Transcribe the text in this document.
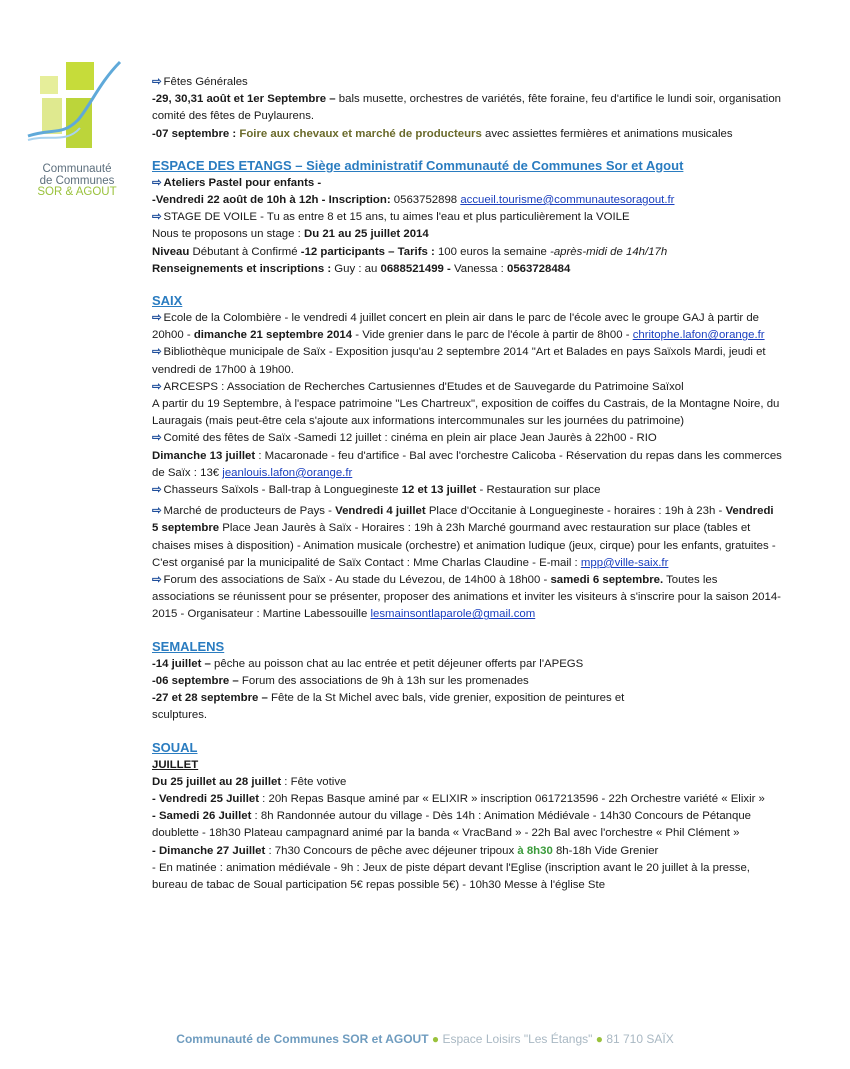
Communauté
de Communes
SOR & AGOUT

⇨ Fêtes Générales

-29, 30,31 août et 1er Septembre – bals musette, orchestres de variétés, fête foraine, feu d'artifice le lundi soir, organisation comité des fêtes de Puylaurens.

-07 septembre : Foire aux chevaux et marché de producteurs avec assiettes fermières et animations musicales

ESPACE DES ETANGS – Siège administratif Communauté de Communes Sor et Agout

⇨ Ateliers Pastel pour enfants -

-Vendredi 22 août de 10h à 12h - Inscription: 0563752898 accueil.tourisme@communautesoragout.fr

⇨ STAGE DE VOILE - Tu as entre 8 et 15 ans, tu aimes l'eau et plus particulièrement la VOILE

Nous te proposons un stage : Du 21 au 25 juillet 2014

Niveau Débutant à Confirmé -12 participants – Tarifs : 100 euros la semaine -après-midi de 14h/17h

Renseignements et inscriptions : Guy : au 0688521499 - Vanessa : 0563728484

SAIX

⇨ Ecole de la Colombière - le vendredi 4 juillet concert en plein air dans le parc de l'école avec le groupe GAJ à partir de 20h00 - dimanche 21 septembre 2014 - Vide grenier dans le parc de l'école à partir de 8h00 - chritophe.lafon@orange.fr

⇨ Bibliothèque municipale de Saïx - Exposition jusqu'au 2 septembre 2014 "Art et Balades en pays Saïxols Mardi, jeudi et vendredi de 17h00 à 19h00.

⇨ ARCESPS : Association de Recherches Cartusiennes d'Etudes et de Sauvegarde du Patrimoine Saïxol

A partir du 19 Septembre, à l'espace patrimoine "Les Chartreux", exposition de coiffes du Castrais, de la Montagne Noire, du Lauragais (mais peut-être cela s'ajoute aux informations intercommunales sur les journées du patrimoine)

⇨ Comité des fêtes de Saïx -Samedi 12 juillet : cinéma en plein air place Jean Jaurès à 22h00 - RIO
Dimanche 13 juillet : Macaronade - feu d'artifice - Bal avec l'orchestre Calicoba - Réservation du repas dans les commerces de Saïx : 13€ jeanlouis.lafon@orange.fr

⇨ Chasseurs Saïxols - Ball-trap à Longuegineste 12 et 13 juillet - Restauration sur place

⇨ Marché de producteurs de Pays - Vendredi 4 juillet Place d'Occitanie à Longuegineste - horaires : 19h à 23h - Vendredi 5 septembre Place Jean Jaurès à Saïx - Horaires : 19h à 23h Marché gourmand avec restauration sur place (tables et chaises mises à disposition) - Animation musicale (orchestre) et animation ludique (jeux, cirque) pour les enfants, gratuites - C'est organisé par la municipalité de Saïx Contact : Mme Charlas Claudine - E-mail : mpp@ville-saix.fr

⇨ Forum des associations de Saïx - Au stade du Lévezou, de 14h00 à 18h00 - samedi 6 septembre. Toutes les associations se réunissent pour se présenter, proposer des animations et inviter les visiteurs à s'inscrire pour la saison 2014-2015 - Organisateur : Martine Labessouille lesmainsontlaparole@gmail.com

SEMALENS

-14 juillet – pêche au poisson chat au lac entrée et petit déjeuner offerts par l'APEGS

-06 septembre – Forum des associations de 9h à 13h sur les promenades

-27 et 28 septembre – Fête de la St Michel avec bals, vide grenier, exposition de peintures et sculptures.

SOUAL

JUILLET

Du 25 juillet au 28 juillet : Fête votive

- Vendredi 25 Juillet : 20h Repas Basque aminé par « ELIXIR » inscription 0617213596 - 22h Orchestre variété « Elixir »

- Samedi 26 Juillet : 8h Randonnée autour du village - Dès 14h : Animation Médiévale - 14h30 Concours de Pétanque doublette - 18h30 Plateau campagnard animé par la banda « VracBand » - 22h Bal avec l'orchestre « Phil Clément »

- Dimanche 27 Juillet : 7h30 Concours de pêche avec déjeuner tripoux à 8h30 8h-18h Vide Grenier

- En matinée : animation médiévale - 9h : Jeux de piste départ devant l'Eglise (inscription avant le 20 juillet à la presse, bureau de tabac de Soual participation 5€ repas possible 5€) - 10h30 Messe à l'église Ste

Communauté de Communes SOR et AGOUT ● Espace Loisirs "Les Étangs" ● 81 710 SAÏX
